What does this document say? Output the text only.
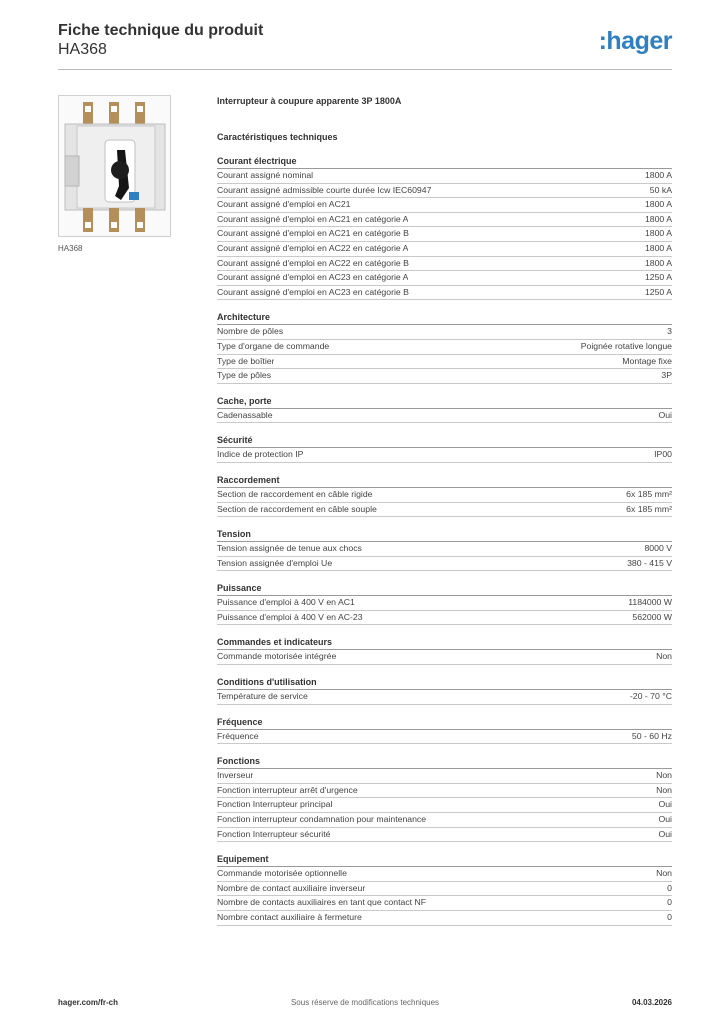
Fiche technique du produit
HA368	:hager
HA368
Interrupteur à coupure apparente 3P 1800A
Caractéristiques techniques
Courant électrique
Courant assigné nominal	1800 A
Courant assigné admissible courte durée Icw IEC60947	50 kA
Courant assigné d'emploi en AC21	1800 A
Courant assigné d'emploi en AC21 en catégorie A	1800 A
Courant assigné d'emploi en AC21 en catégorie B	1800 A
Courant assigné d'emploi en AC22 en catégorie A	1800 A
Courant assigné d'emploi en AC22 en catégorie B	1800 A
Courant assigné d'emploi en AC23 en catégorie A	1250 A
Courant assigné d'emploi en AC23 en catégorie B	1250 A
Architecture
Nombre de pôles	3
Type d'organe de commande	Poignée rotative longue
Type de boîtier	Montage fixe
Type de pôles	3P
Cache, porte
Cadenassable	Oui
Sécurité
Indice de protection IP	IP00
Raccordement
Section de raccordement en câble rigide	6x 185 mm²
Section de raccordement en câble souple	6x 185 mm²
Tension
Tension assignée de tenue aux chocs	8000 V
Tension assignée d'emploi Ue	380 - 415 V
Puissance
Puissance d'emploi à 400 V en AC1	1184000 W
Puissance d'emploi à 400 V en AC-23	562000 W
Commandes et indicateurs
Commande motorisée intégrée	Non
Conditions d'utilisation
Température de service	-20 - 70 °C
Fréquence
Fréquence	50 - 60 Hz
Fonctions
Inverseur	Non
Fonction interrupteur arrêt d'urgence	Non
Fonction Interrupteur principal	Oui
Fonction interrupteur condamnation pour maintenance	Oui
Fonction Interrupteur sécurité	Oui
Equipement
Commande motorisée optionnelle	Non
Nombre de contact auxiliaire inverseur	0
Nombre de contacts auxiliaires en tant que contact NF	0
Nombre contact auxiliaire à fermeture	0
hager.com/fr-ch	Sous réserve de modifications techniques	04.03.2026
